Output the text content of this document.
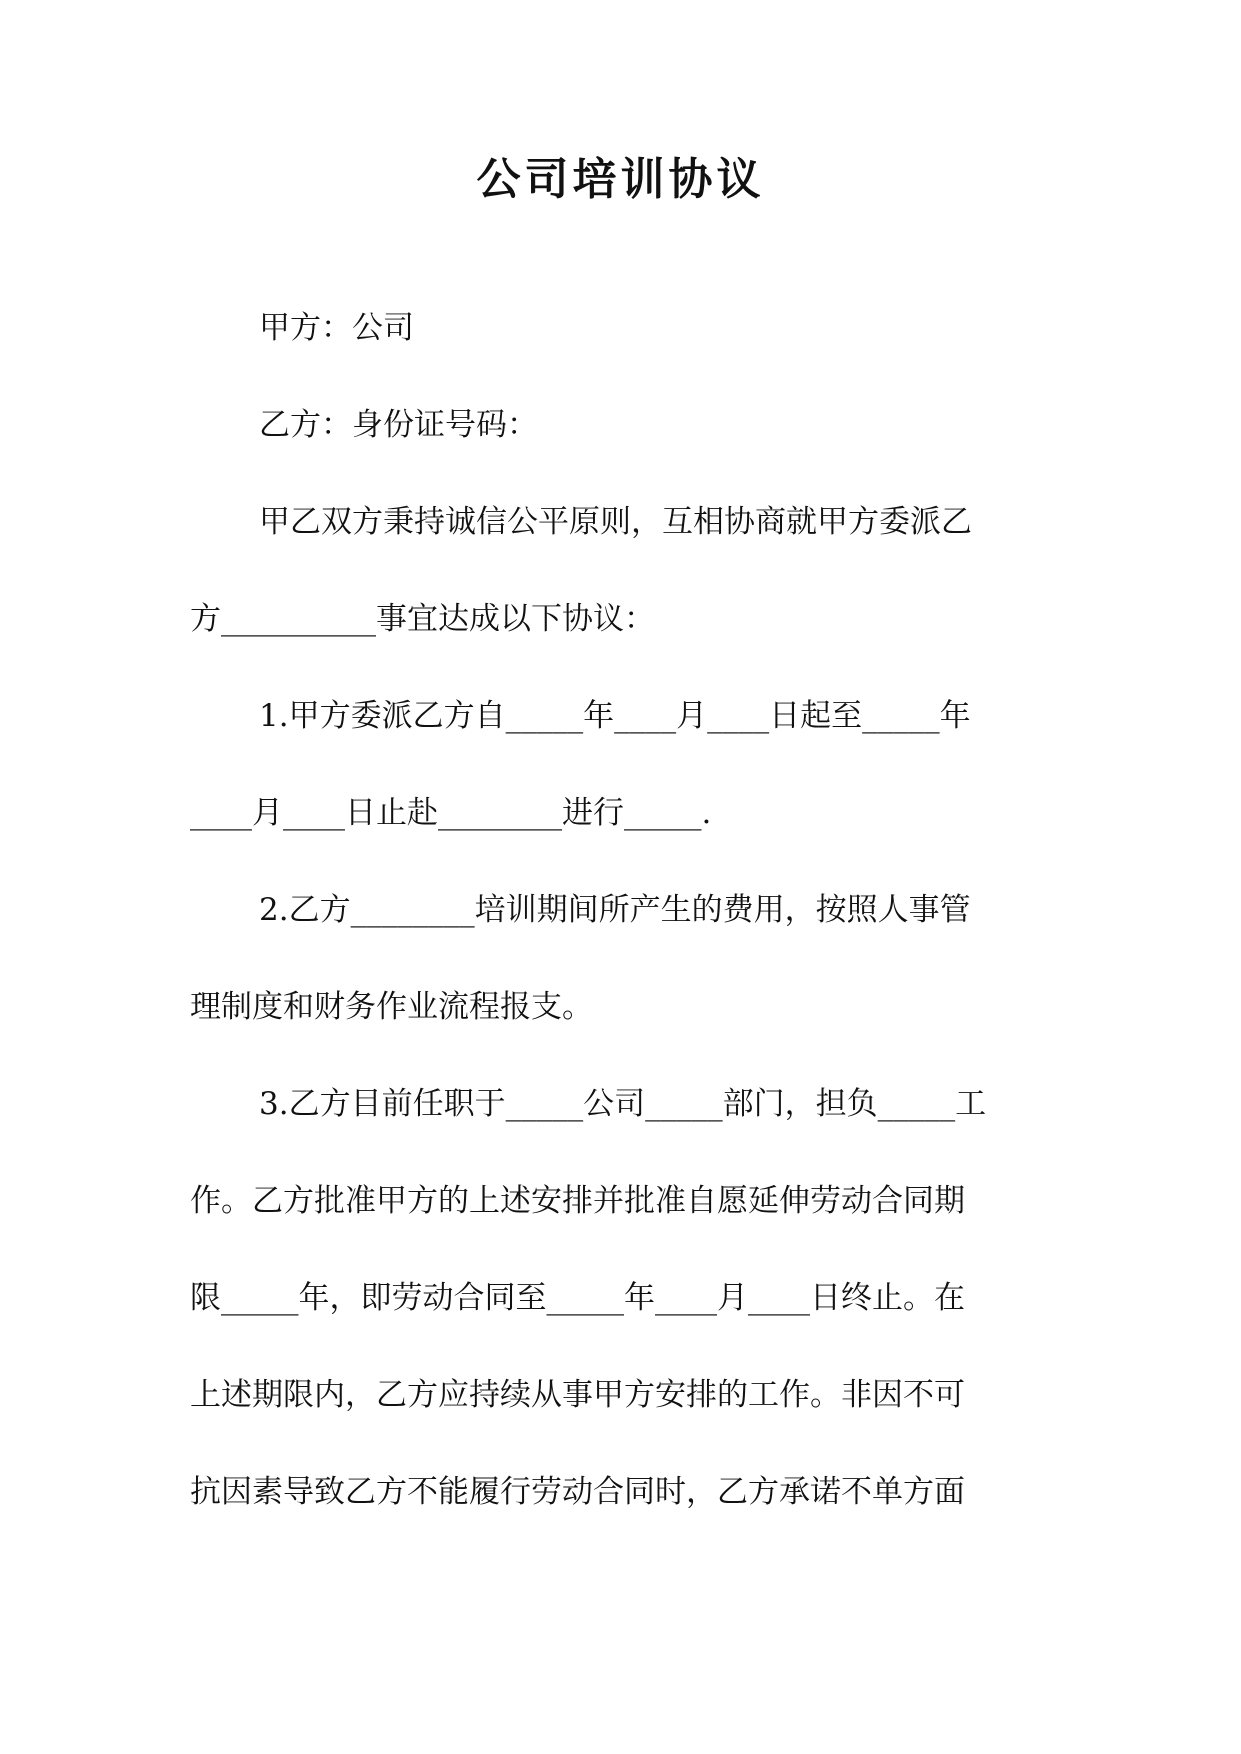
公司培训协议

甲方：公司

乙方：身份证号码：

甲乙双方秉持诚信公平原则，互相协商就甲方委派乙

方__________事宜达成以下协议：

1.甲方委派乙方自_____年____月____日起至_____年

____月____日止赴________进行_____.

2.乙方________培训期间所产生的费用，按照人事管

理制度和财务作业流程报支。

3.乙方目前任职于_____公司_____部门，担负_____工

作。乙方批准甲方的上述安排并批准自愿延伸劳动合同期

限_____年，即劳动合同至_____年____月____日终止。在

上述期限内，乙方应持续从事甲方安排的工作。非因不可

抗因素导致乙方不能履行劳动合同时，乙方承诺不单方面
